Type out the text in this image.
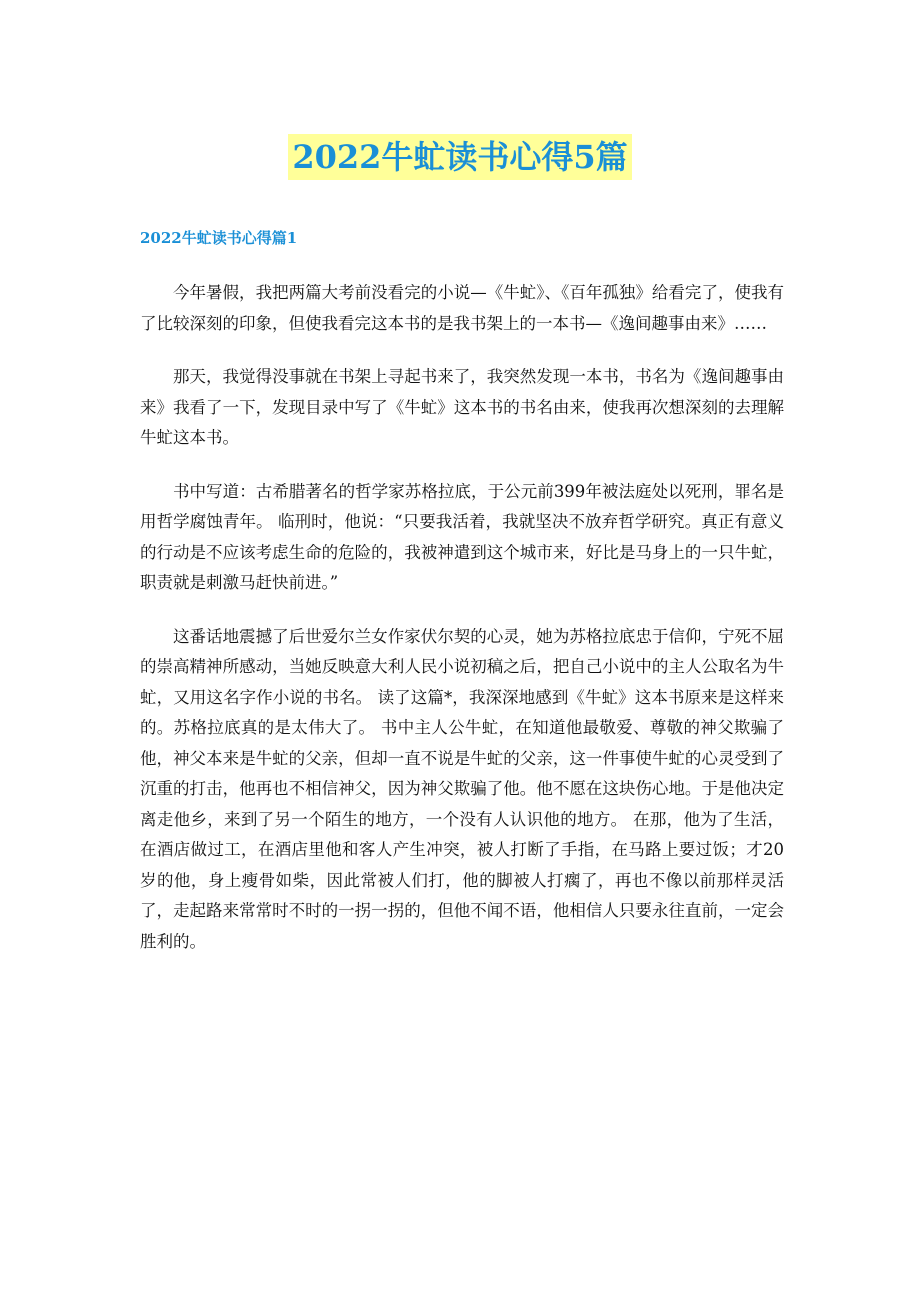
2022牛虻读书心得5篇
2022牛虻读书心得篇1

今年暑假，我把两篇大考前没看完的小说—《牛虻》、《百年孤独》给看完了，使我有了比较深刻的印象，但使我看完这本书的是我书架上的一本书—《逸间趣事由来》……

那天，我觉得没事就在书架上寻起书来了，我突然发现一本书，书名为《逸间趣事由来》我看了一下，发现目录中写了《牛虻》这本书的书名由来，使我再次想深刻的去理解牛虻这本书。

书中写道：古希腊著名的哲学家苏格拉底，于公元前399年被法庭处以死刑，罪名是用哲学腐蚀青年。 临刑时，他说：“只要我活着，我就坚决不放弃哲学研究。真正有意义的行动是不应该考虑生命的危险的，我被神遣到这个城市来，好比是马身上的一只牛虻，职责就是刺激马赶快前进。”

这番话地震撼了后世爱尔兰女作家伏尔契的心灵，她为苏格拉底忠于信仰，宁死不屈的崇高精神所感动，当她反映意大利人民小说初稿之后，把自己小说中的主人公取名为牛虻，又用这名字作小说的书名。 读了这篇*，我深深地感到《牛虻》这本书原来是这样来的。苏格拉底真的是太伟大了。 书中主人公牛虻，在知道他最敬爱、尊敬的神父欺骗了他，神父本来是牛虻的父亲，但却一直不说是牛虻的父亲，这一件事使牛虻的心灵受到了沉重的打击，他再也不相信神父，因为神父欺骗了他。他不愿在这块伤心地。于是他决定离走他乡，来到了另一个陌生的地方，一个没有人认识他的地方。 在那，他为了生活，在酒店做过工，在酒店里他和客人产生冲突，被人打断了手指，在马路上要过饭；才20岁的他，身上瘦骨如柴，因此常被人们打，他的脚被人打瘸了，再也不像以前那样灵活了，走起路来常常时不时的一拐一拐的，但他不闻不语，他相信人只要永往直前，一定会胜利的。
